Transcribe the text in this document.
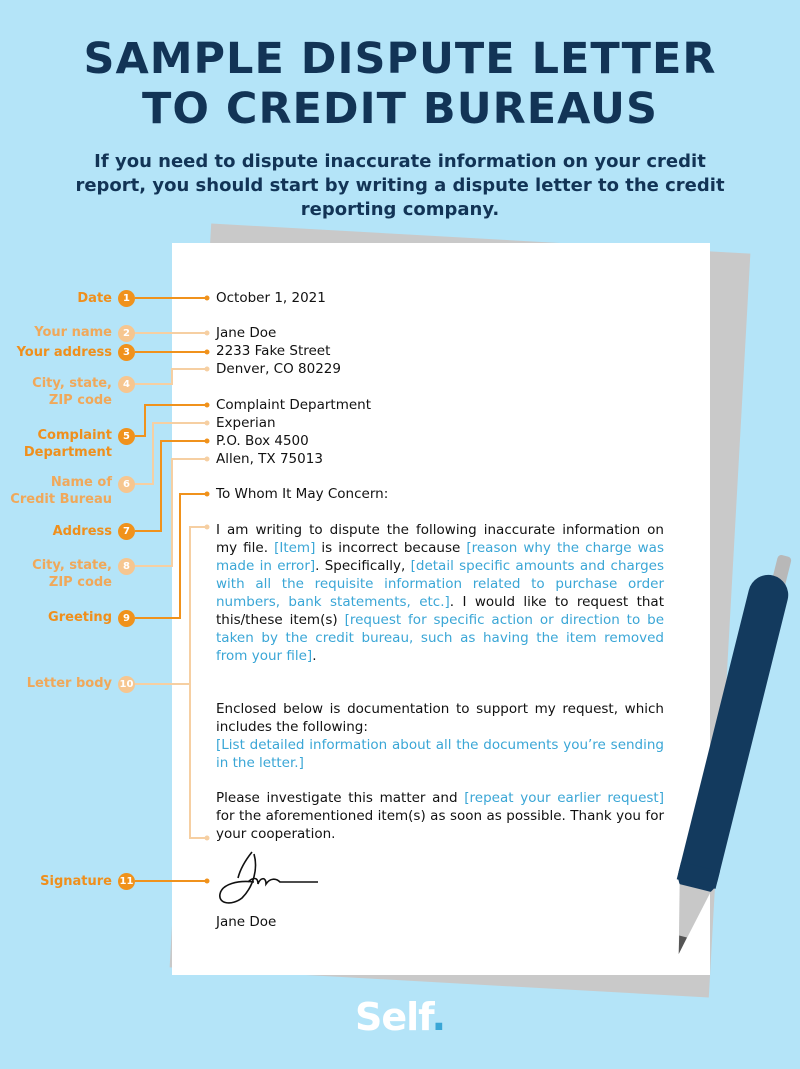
SAMPLE DISPUTE LETTER
TO CREDIT BUREAUS
If you need to dispute inaccurate information on your credit report, you should start by writing a dispute letter to the credit reporting company.
Date	1
Your name	2
Your address	3
City, state, ZIP code
4
Complaint Department
5
Name of Credit Bureau
6
Address	7
City, state, ZIP code
8
Greeting	9
Letter body 10
Signature 11
October 1, 2021
Jane Doe
2233 Fake Street
Denver, CO 80229
Complaint Department
Experian
P.O. Box 4500
Allen, TX 75013
To Whom It May Concern:
I am writing to dispute the following inaccurate information on my file. [Item] is incorrect because [reason why the charge was made in error]. Specifically, [detail specific amounts and charges with all the requisite information related to purchase order numbers, bank statements, etc.]. I would like to request that this/these item(s) [request for specific action or direction to be taken by the credit bureau, such as having the item removed from your file].
Enclosed below is documentation to support my request, which includes the following:
[List detailed information about all the documents you’re sending in the letter.]
Please investigate this matter and [repeat your earlier request] for the aforementioned item(s) as soon as possible. Thank you for your cooperation.
Jane Doe
Self.
